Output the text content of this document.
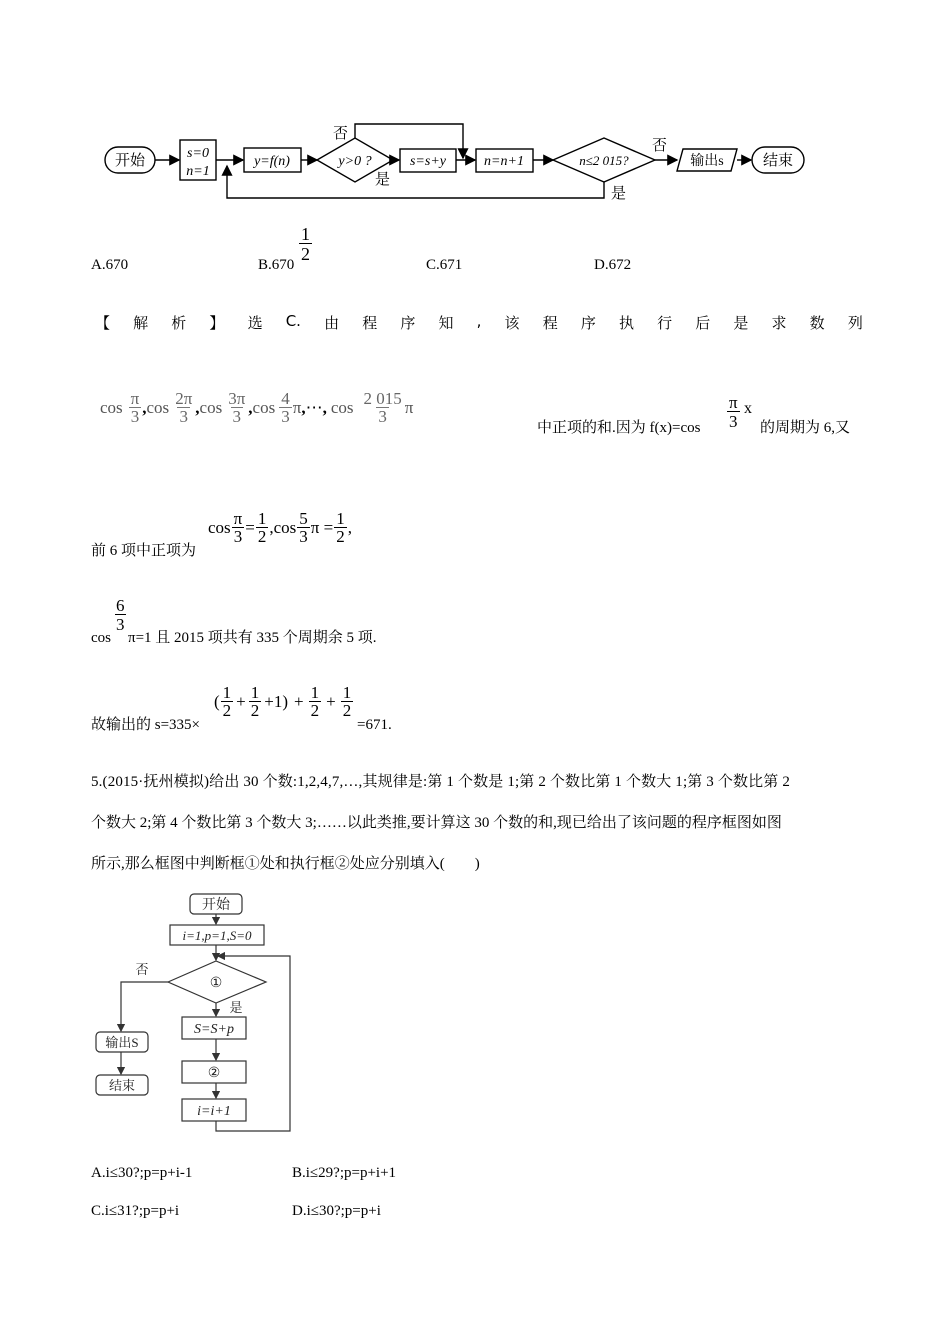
开始	s=0
n=1
y=f(n)	y>0 ?	s=s+y	n=n+1	n≤2 015?	输出s	结束
否
是
否
是
A.670	B.670
$\frac{1}{2}$
C.671	D.672
【 解 析 】 选 C. 由 程 序 知 , 该 程 序 执 行 后 是 求 数 列
$\cos \frac{\pi}{3}$ , $\cos \frac{2\pi}{3}$ , $\cos \frac{3\pi}{3}$ , $\cos \frac{4}{3}$ π , ⋯ , $\cos \frac{2 015}{3}$ π
中正项的和.因为 $f(x)=\cos \frac{\pi}{3}$ x
的周期为 6,又
前 6 项中正项为
$\cos \frac{\pi}{3} = \frac{1}{2} ,\cos \frac{5}{3}$ $\pi = \frac{1}{2}$ ,
$\frac{6}{3}$
cos π=1 且 2015 项共有 335 个周期余 5 项.
故输出的 s=335×
( $\frac{1}{2} + \frac{1}{2} +1) + \frac{1}{2} + \frac{1}{2}$
=671.
5.(2015·抚州模拟)给出 30 个数:1,2,4,7,…,其规律是:第 1 个数是 1;第 2 个数比第 1 个数大 1;第 3 个数比第 2
个数大 2;第 4 个数比第 3 个数大 3;……以此类推,要计算这 30 个数的和,现已给出了该问题的程序框图如图
所示,那么框图中判断框①处和执行框②处应分别填入(　　)
开始
i=1,p=1,S=0
①
否
是
S=S+p
②
i=i+1
输出S
结束
A.i≤30?;p=p+i-1	B.i≤29?;p=p+i+1
C.i≤31?;p=p+i	D.i≤30?;p=p+i
